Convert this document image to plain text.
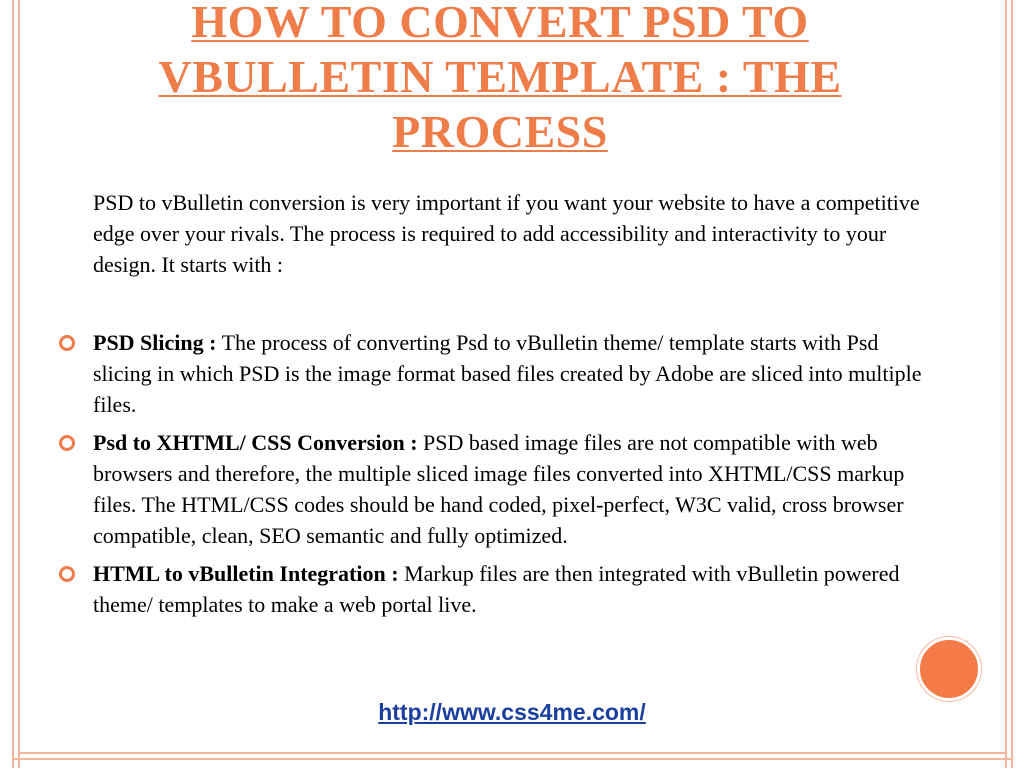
HOW TO CONVERT PSD TO VBULLETIN TEMPLATE : THE PROCESS
PSD to vBulletin conversion is very important if you want your website to have a competitive edge over your rivals. The process is required to add accessibility and interactivity to your design. It starts with :
PSD Slicing : The process of converting Psd to vBulletin theme/ template starts with Psd slicing in which PSD is the image format based files created by Adobe are sliced into multiple files.
Psd to XHTML/ CSS Conversion : PSD based image files are not compatible with web browsers and therefore, the multiple sliced image files converted into XHTML/CSS markup files. The HTML/CSS codes should be hand coded, pixel-perfect, W3C valid, cross browser compatible, clean, SEO semantic and fully optimized.
HTML to vBulletin Integration : Markup files are then integrated with vBulletin powered theme/ templates to make a web portal live.
http://www.css4me.com/
